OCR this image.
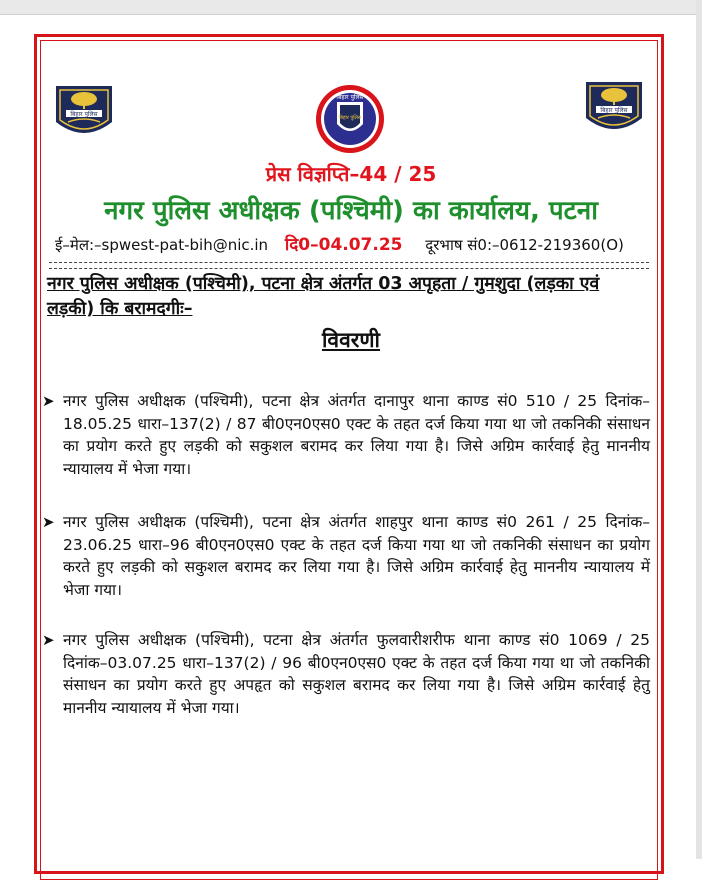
बिहार पुलिस
बिहार पुलिस
बिहार पुलिस
बिहार पुलिस
प्रेस विज्ञप्ति–44 / 25
नगर पुलिस अधीक्षक (पश्चिमी) का कार्यालय, पटना
ई–मेल:–spwest-pat-bih@nic.in दि0–04.07.25 दूरभाष सं0:–0612-219360(O)
नगर पुलिस अधीक्षक (पश्चिमी), पटना क्षेत्र अंतर्गत 03 अपृहता / गुमशुदा (लड़का एवं लड़की) कि बरामदगीः–
विवरणी
➤ नगर पुलिस अधीक्षक (पश्चिमी), पटना क्षेत्र अंतर्गत दानापुर थाना काण्ड सं0 510 / 25 दिनांक–18.05.25 धारा–137(2) / 87 बी0एन0एस0 एक्ट के तहत दर्ज किया गया था जो तकनिकी संसाधन का प्रयोग करते हुए लड़की को सकुशल बरामद कर लिया गया है। जिसे अग्रिम कार्रवाई हेतु माननीय न्यायालय में भेजा गया।
➤ नगर पुलिस अधीक्षक (पश्चिमी), पटना क्षेत्र अंतर्गत शाहपुर थाना काण्ड सं0 261 / 25 दिनांक–23.06.25 धारा–96 बी0एन0एस0 एक्ट के तहत दर्ज किया गया था जो तकनिकी संसाधन का प्रयोग करते हुए लड़की को सकुशल बरामद कर लिया गया है। जिसे अग्रिम कार्रवाई हेतु माननीय न्यायालय में भेजा गया।
➤ नगर पुलिस अधीक्षक (पश्चिमी), पटना क्षेत्र अंतर्गत फुलवारीशरीफ थाना काण्ड सं0 1069 / 25 दिनांक–03.07.25 धारा–137(2) / 96 बी0एन0एस0 एक्ट के तहत दर्ज किया गया था जो तकनिकी संसाधन का प्रयोग करते हुए अपहृत को सकुशल बरामद कर लिया गया है। जिसे अग्रिम कार्रवाई हेतु माननीय न्यायालय में भेजा गया।
